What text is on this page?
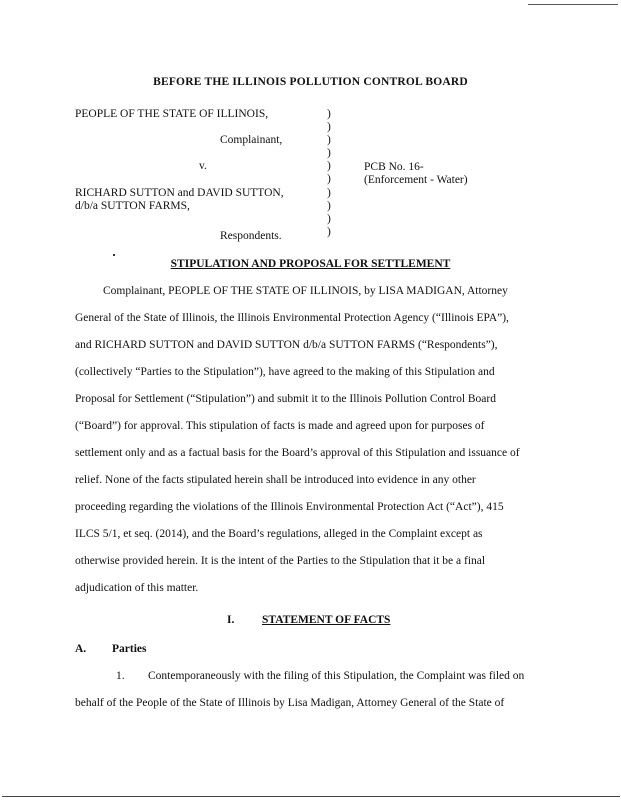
BEFORE THE ILLINOIS POLLUTION CONTROL BOARD
PEOPLE OF THE STATE OF ILLINOIS,
Complainant,
v.
RICHARD SUTTON and DAVID SUTTON,
d/b/a SUTTON FARMS,
Respondents.
)
)
)
)
)
)
)
)
)
)
PCB No. 16-
(Enforcement - Water)
STIPULATION AND PROPOSAL FOR SETTLEMENT
Complainant, PEOPLE OF THE STATE OF ILLINOIS, by LISA MADIGAN, Attorney
General of the State of Illinois, the Illinois Environmental Protection Agency (“Illinois EPA”),
and RICHARD SUTTON and DAVID SUTTON d/b/a SUTTON FARMS (“Respondents”),
(collectively “Parties to the Stipulation”), have agreed to the making of this Stipulation and
Proposal for Settlement (“Stipulation”) and submit it to the Illinois Pollution Control Board
(“Board”) for approval. This stipulation of facts is made and agreed upon for purposes of
settlement only and as a factual basis for the Board’s approval of this Stipulation and issuance of
relief. None of the facts stipulated herein shall be introduced into evidence in any other
proceeding regarding the violations of the Illinois Environmental Protection Act (“Act”), 415
ILCS 5/1, et seq. (2014), and the Board’s regulations, alleged in the Complaint except as
otherwise provided herein. It is the intent of the Parties to the Stipulation that it be a final
adjudication of this matter.
I. STATEMENT OF FACTS
A. Parties
1. Contemporaneously with the filing of this Stipulation, the Complaint was filed on
behalf of the People of the State of Illinois by Lisa Madigan, Attorney General of the State of
